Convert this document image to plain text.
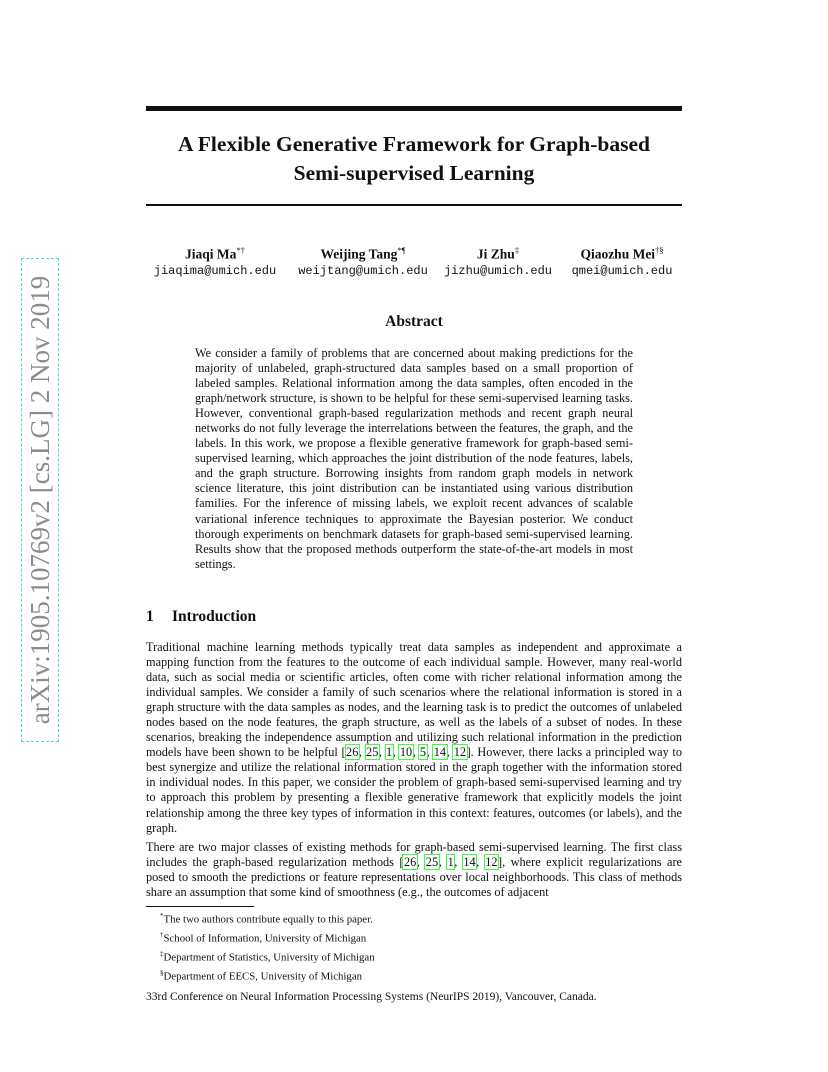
arXiv:1905.10769v2 [cs.LG] 2 Nov 2019
A Flexible Generative Framework for Graph-based
Semi-supervised Learning
Jiaqi Ma*†
jiaqima@umich.edu
Weijing Tang*¶
weijtang@umich.edu
Ji Zhu‡
jizhu@umich.edu
Qiaozhu Mei†§
qmei@umich.edu
Abstract
We consider a family of problems that are concerned about making predictions for the majority of unlabeled, graph-structured data samples based on a small proportion of labeled samples. Relational information among the data samples, often encoded in the graph/network structure, is shown to be helpful for these semi-supervised learning tasks. However, conventional graph-based regularization methods and recent graph neural networks do not fully leverage the interrelations between the features, the graph, and the labels. In this work, we propose a flexible generative framework for graph-based semi-supervised learning, which approaches the joint distribution of the node features, labels, and the graph structure. Borrowing insights from random graph models in network science literature, this joint distribution can be instantiated using various distribution families. For the inference of missing labels, we exploit recent advances of scalable variational inference techniques to approximate the Bayesian posterior. We conduct thorough experiments on benchmark datasets for graph-based semi-supervised learning. Results show that the proposed methods outperform the state-of-the-art models in most settings.
1 Introduction
Traditional machine learning methods typically treat data samples as independent and approximate a mapping function from the features to the outcome of each individual sample. However, many real-world data, such as social media or scientific articles, often come with richer relational information among the individual samples. We consider a family of such scenarios where the relational information is stored in a graph structure with the data samples as nodes, and the learning task is to predict the outcomes of unlabeled nodes based on the node features, the graph structure, as well as the labels of a subset of nodes. In these scenarios, breaking the independence assumption and utilizing such relational information in the prediction models have been shown to be helpful [26, 25, 1, 10, 5, 14, 12]. However, there lacks a principled way to best synergize and utilize the relational information stored in the graph together with the information stored in individual nodes. In this paper, we consider the problem of graph-based semi-supervised learning and try to approach this problem by presenting a flexible generative framework that explicitly models the joint relationship among the three key types of information in this context: features, outcomes (or labels), and the graph.
There are two major classes of existing methods for graph-based semi-supervised learning. The first class includes the graph-based regularization methods [26, 25, 1, 14, 12], where explicit regularizations are posed to smooth the predictions or feature representations over local neighborhoods. This class of methods share an assumption that some kind of smoothness (e.g., the outcomes of adjacent
*The two authors contribute equally to this paper.
†School of Information, University of Michigan
‡Department of Statistics, University of Michigan
§Department of EECS, University of Michigan
33rd Conference on Neural Information Processing Systems (NeurIPS 2019), Vancouver, Canada.
